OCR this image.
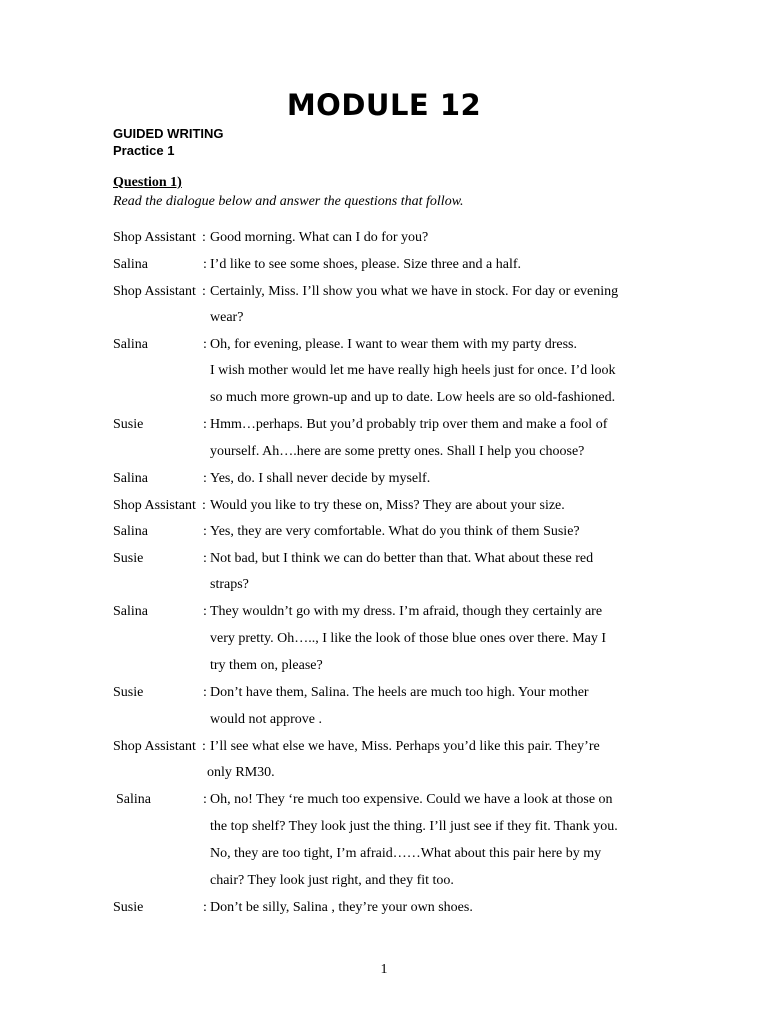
MODULE 12
GUIDED WRITING
Practice 1
Question 1)
Read the dialogue below and answer the questions that follow.
Shop Assistant : Good morning. What can I do for you?
Salina	: I’d like to see some shoes, please. Size three and a half.
Shop Assistant : Certainly, Miss. I’ll show you what we have in stock. For day or evening
wear?
Salina	: Oh, for evening, please. I want to wear them with my party dress.
I wish mother would let me have really high heels just for once. I’d look
so much more grown-up and up to date. Low heels are so old-fashioned.
Susie	: Hmm…perhaps. But you’d probably trip over them and make a fool of
yourself. Ah….here are some pretty ones. Shall I help you choose?
Salina	: Yes, do. I shall never decide by myself.
Shop Assistant : Would you like to try these on, Miss? They are about your size.
Salina	: Yes, they are very comfortable. What do you think of them Susie?
Susie	: Not bad, but I think we can do better than that. What about these red
straps?
Salina	: They wouldn’t go with my dress. I’m afraid, though they certainly are
very pretty. Oh….., I like the look of those blue ones over there. May I
try them on, please?
Susie	: Don’t have them, Salina. The heels are much too high. Your mother
would not approve .
Shop Assistant : I’ll see what else we have, Miss. Perhaps you’d like this pair. They’re
only RM30.
Salina	: Oh, no! They ‘re much too expensive. Could we have a look at those on
the top shelf? They look just the thing. I’ll just see if they fit. Thank you.
No, they are too tight, I’m afraid……What about this pair here by my
chair? They look just right, and they fit too.
Susie	: Don’t be silly, Salina , they’re your own shoes.
1
